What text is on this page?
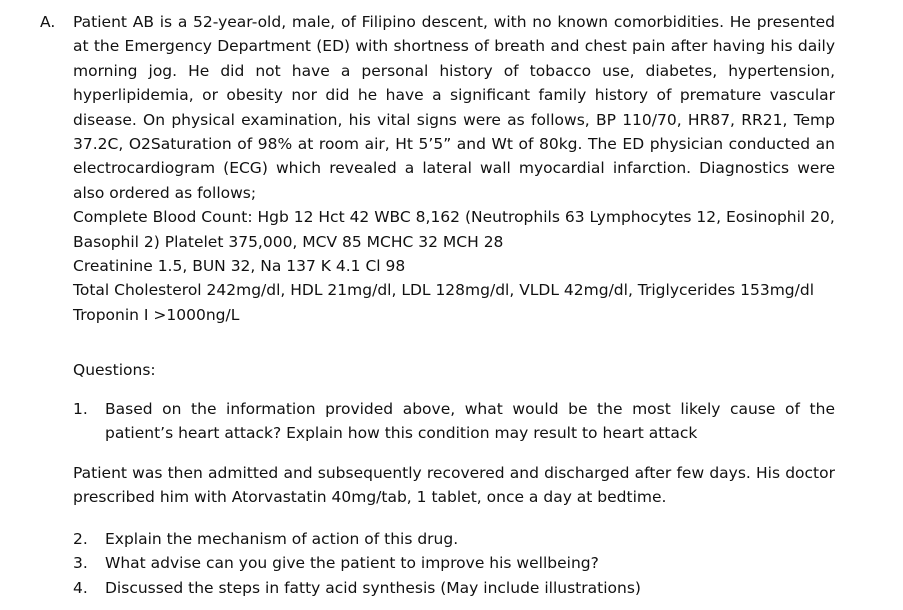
A. Patient AB is a 52-year-old, male, of Filipino descent, with no known comorbidities. He presented at the Emergency Department (ED) with shortness of breath and chest pain after having his daily morning jog. He did not have a personal history of tobacco use, diabetes, hypertension, hyperlipidemia, or obesity nor did he have a significant family history of premature vascular disease. On physical examination, his vital signs were as follows, BP 110/70, HR87, RR21, Temp 37.2C, O2Saturation of 98% at room air, Ht 5’5” and Wt of 80kg. The ED physician conducted an electrocardiogram (ECG) which revealed a lateral wall myocardial infarction. Diagnostics were also ordered as follows;

Complete Blood Count: Hgb 12 Hct 42 WBC 8,162 (Neutrophils 63 Lymphocytes 12, Eosinophil 20, Basophil 2) Platelet 375,000, MCV 85 MCHC 32 MCH 28

Creatinine 1.5, BUN 32, Na 137 K 4.1 Cl 98

Total Cholesterol 242mg/dl, HDL 21mg/dl, LDL 128mg/dl, VLDL 42mg/dl, Triglycerides 153mg/dl

Troponin I >1000ng/L

Questions:
1. Based on the information provided above, what would be the most likely cause of the patient’s heart attack? Explain how this condition may result to heart attack
Patient was then admitted and subsequently recovered and discharged after few days. His doctor prescribed him with Atorvastatin 40mg/tab, 1 tablet, once a day at bedtime.
2. Explain the mechanism of action of this drug.
3. What advise can you give the patient to improve his wellbeing?
4. Discussed the steps in fatty acid synthesis (May include illustrations)
